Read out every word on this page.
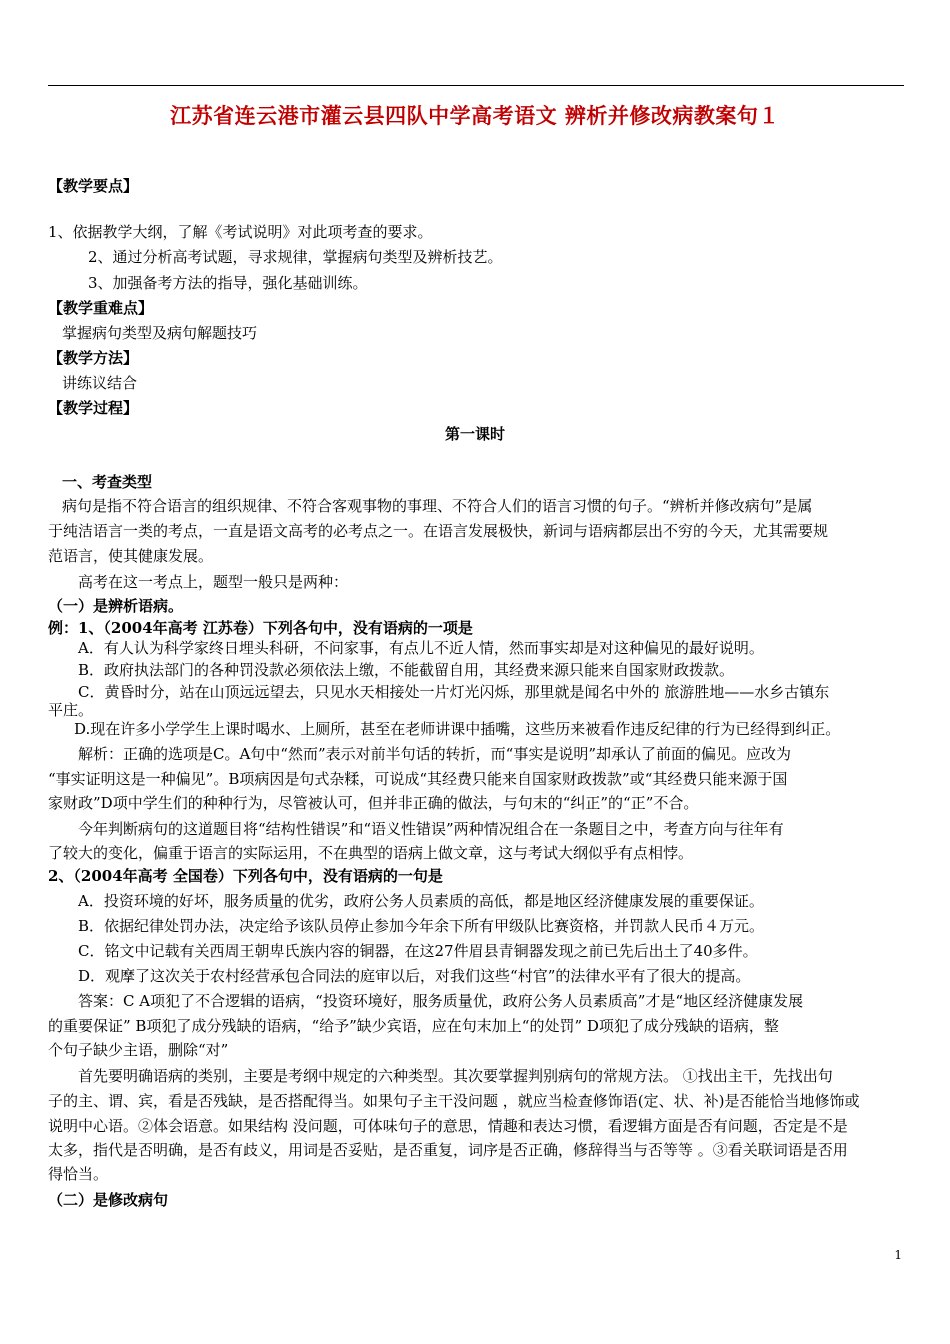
江苏省连云港市灌云县四队中学高考语文 辨析并修改病教案句１
【教学要点】
1、依据教学大纲，了解《考试说明》对此项考查的要求。
2、通过分析高考试题，寻求规律，掌握病句类型及辨析技艺。
3、加强备考方法的指导，强化基础训练。
【教学重难点】
掌握病句类型及病句解题技巧
【教学方法】
讲练议结合
【教学过程】
第一课时
一、考查类型
病句是指不符合语言的组织规律、不符合客观事物的事理、不符合人们的语言习惯的句子。“辨析并修改病句”是属
于纯洁语言一类的考点，一直是语文高考的必考点之一。在语言发展极快，新词与语病都层出不穷的今天，尤其需要规
范语言，使其健康发展。
高考在这一考点上，题型一般只是两种：
（一）是辨析语病。
例：1、（2004年高考 江苏卷）下列各句中，没有语病的一项是
A．有人认为科学家终日埋头科研，不问家事，有点儿不近人情，然而事实却是对这种偏见的最好说明。
B．政府执法部门的各种罚没款必须依法上缴，不能截留自用，其经费来源只能来自国家财政拨款。
C．黄昏时分，站在山顶远远望去，只见水天相接处一片灯光闪烁，那里就是闻名中外的 旅游胜地——水乡古镇东
平庄。
D.现在许多小学学生上课时喝水、上厕所，甚至在老师讲课中插嘴，这些历来被看作违反纪律的行为已经得到纠正。
解析：正确的选项是C。A句中“然而”表示对前半句话的转折，而“事实是说明”却承认了前面的偏见。应改为
“事实证明这是一种偏见”。B项病因是句式杂糅，可说成“其经费只能来自国家财政拨款”或“其经费只能来源于国
家财政”D项中学生们的种种行为，尽管被认可，但并非正确的做法，与句末的“纠正”的“正”不合。
今年判断病句的这道题目将“结构性错误”和“语义性错误”两种情况组合在一条题目之中，考查方向与往年有
了较大的变化，偏重于语言的实际运用，不在典型的语病上做文章，这与考试大纲似乎有点相悖。
2、（2004年高考 全国卷）下列各句中，没有语病的一句是
A．投资环境的好坏，服务质量的优劣，政府公务人员素质的高低，都是地区经济健康发展的重要保证。
B．依据纪律处罚办法，决定给予该队员停止参加今年余下所有甲级队比赛资格，并罚款人民币４万元。
C．铭文中记载有关西周王朝卑氏族内容的铜器，在这27件眉县青铜器发现之前已先后出土了40多件。
D．观摩了这次关于农村经营承包合同法的庭审以后，对我们这些“村官”的法律水平有了很大的提高。
答案：C A项犯了不合逻辑的语病，“投资环境好，服务质量优，政府公务人员素质高”才是“地区经济健康发展
的重要保证” B项犯了成分残缺的语病，“给予”缺少宾语，应在句末加上“的处罚” D项犯了成分残缺的语病，整
个句子缺少主语，删除“对”
首先要明确语病的类别，主要是考纲中规定的六种类型。其次要掌握判别病句的常规方法。 ①找出主干，先找出句
子的主、谓、宾，看是否残缺，是否搭配得当。如果句子主干没问题 ，就应当检查修饰语(定、状、补)是否能恰当地修饰或
说明中心语。②体会语意。如果结构 没问题，可体味句子的意思，情趣和表达习惯，看逻辑方面是否有问题，否定是不是
太多，指代是否明确，是否有歧义，用词是否妥贴，是否重复，词序是否正确，修辞得当与否等等 。③看关联词语是否用
得恰当。
（二）是修改病句
1
